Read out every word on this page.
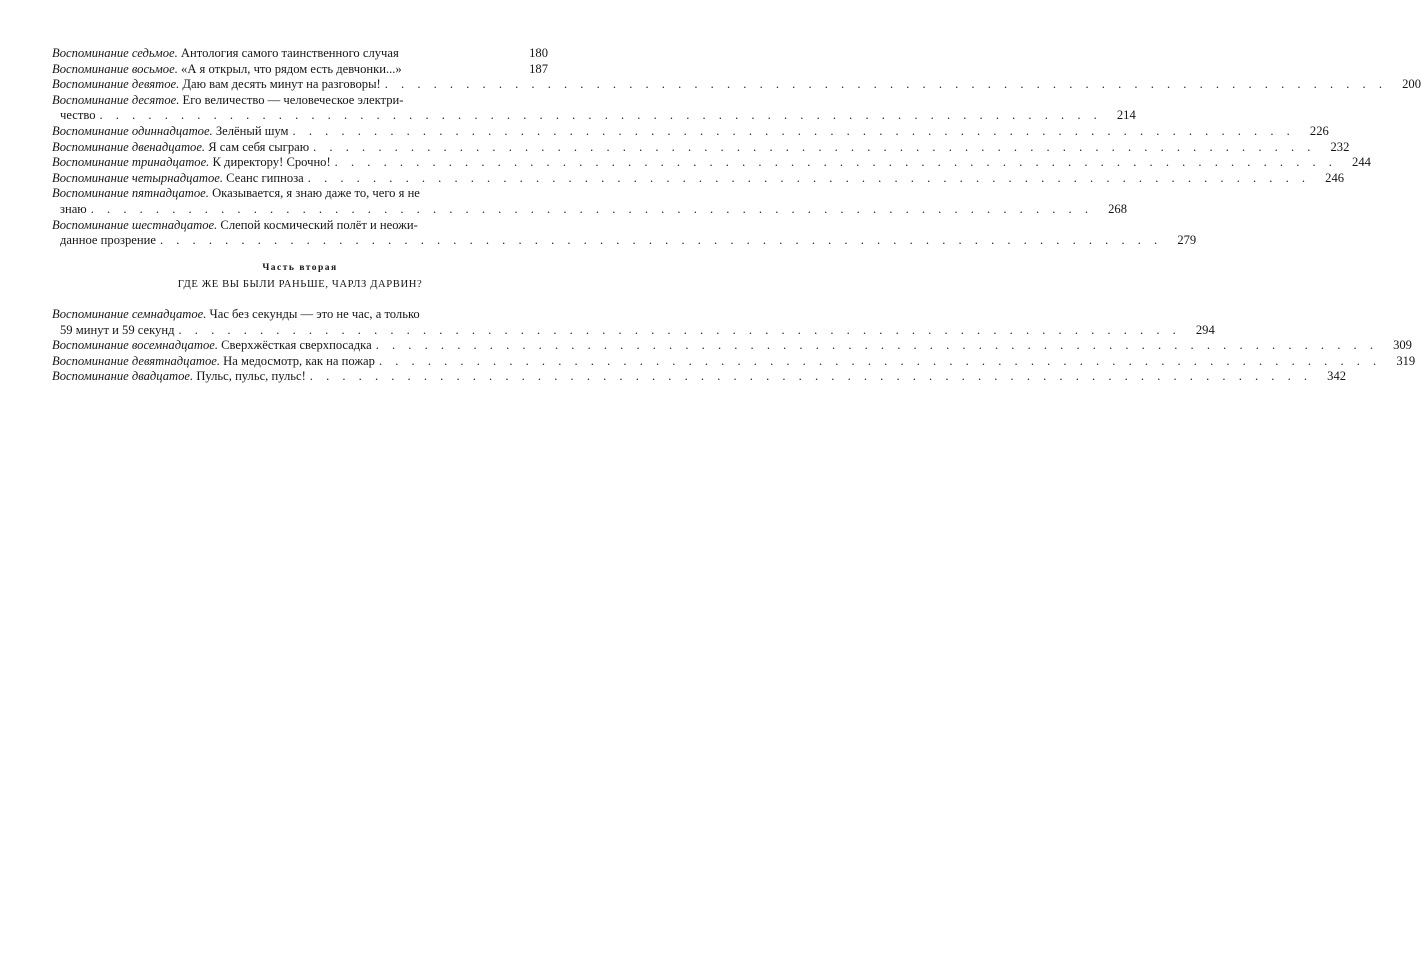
Воспоминание седьмое. Антология самого таинственного случая	180
Воспоминание восьмое. «А я открыл, что рядом есть девчонки...»	187
Воспоминание девятое. Даю вам десять минут на разговоры! . . .	200
Воспоминание десятое. Его величество — человеческое электри-
чество . . .	214
Воспоминание одиннадцатое. Зелёный шум . . .	226
Воспоминание двенадцатое. Я сам себя сыграю . . .	232
Воспоминание тринадцатое. К директору! Срочно! . . .	244
Воспоминание четырнадцатое. Сеанс гипноза . . .	246
Воспоминание пятнадцатое. Оказывается, я знаю даже то, чего я не
знаю . . .	268
Воспоминание шестнадцатое. Слепой космический полёт и неожи-
данное прозрение . . .	279
Часть вторая
ГДЕ ЖЕ ВЫ БЫЛИ РАНЬШЕ, ЧАРЛЗ ДАРВИН?
Воспоминание семнадцатое. Час без секунды — это не час, а только
59 минут и 59 секунд . . .	294
Воспоминание восемнадцатое. Сверхжёсткая сверхпосадка . . .	309
Воспоминание девятнадцатое. На медосмотр, как на пожар . . .	319
Воспоминание двадцатое. Пульс, пульс, пульс! . . .	342
